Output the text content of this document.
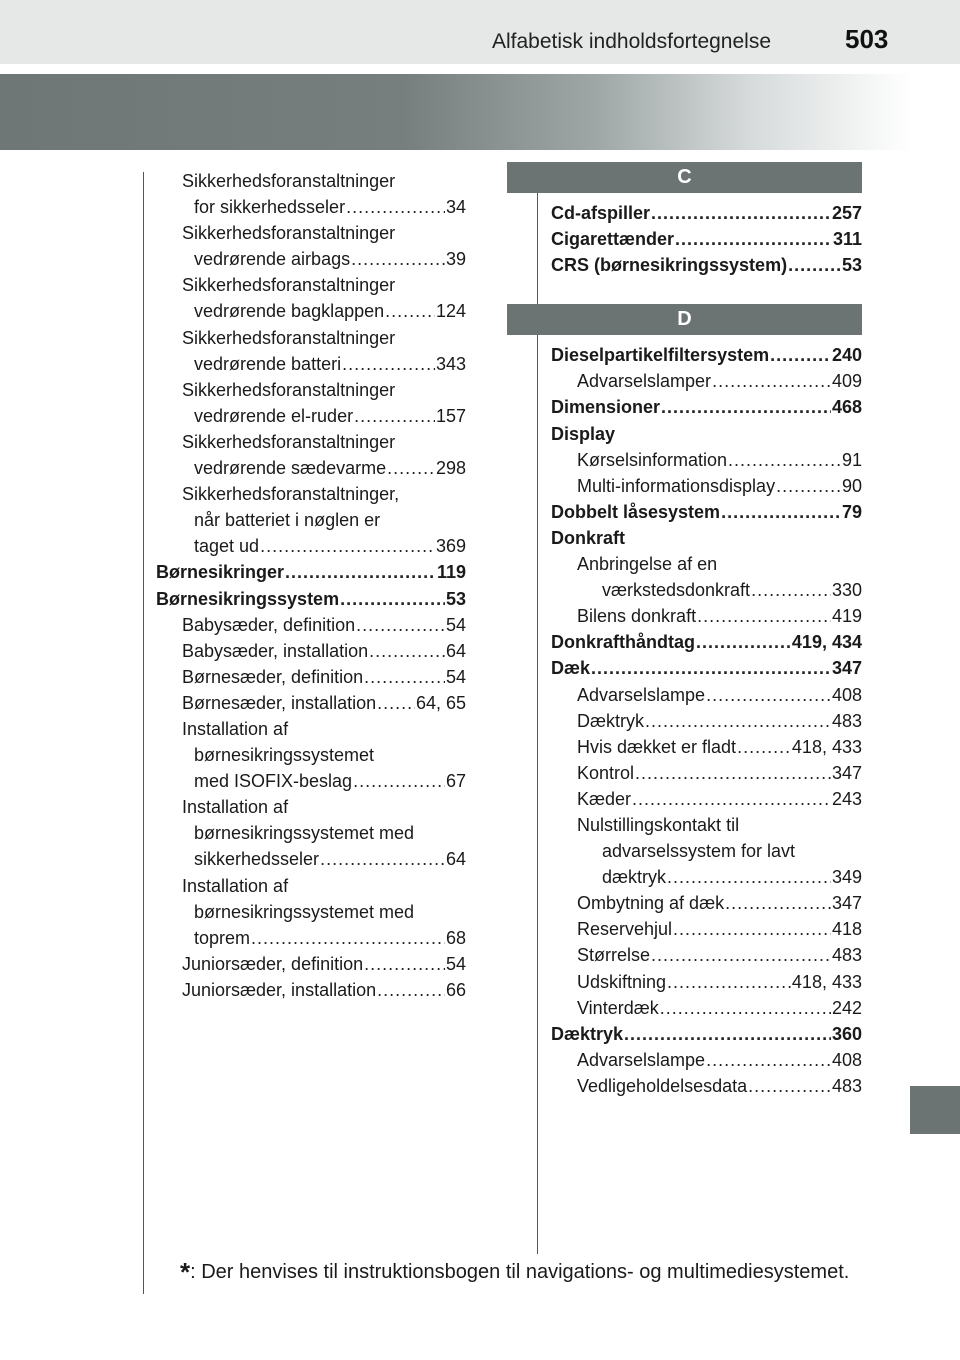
Alfabetisk indholdsfortegnelse	503
Sikkerhedsforanstaltninger
for sikkerhedsseler .....	34
Sikkerhedsforanstaltninger
vedrørende airbags .....	39
Sikkerhedsforanstaltninger
vedrørende bagklappen .....	124
Sikkerhedsforanstaltninger
vedrørende batteri .....	343
Sikkerhedsforanstaltninger
vedrørende el-ruder .....	157
Sikkerhedsforanstaltninger
vedrørende sædevarme .....	298
Sikkerhedsforanstaltninger,
når batteriet i nøglen er
taget ud .....	369
Børnesikringer .....	119
Børnesikringssystem .....	53
Babysæder, definition .....	54
Babysæder, installation .....	64
Børnesæder, definition .....	54
Børnesæder, installation ..... 64, 65
Installation af
børnesikringssystemet
med ISOFIX-beslag .....	67
Installation af
børnesikringssystemet med
sikkerhedsseler .....	64
Installation af
børnesikringssystemet med
toprem .....	68
Juniorsæder, definition .....	54
Juniorsæder, installation .....	66
C
Cd-afspiller .....	257
Cigarettænder .....	311
CRS (børnesikringssystem) .....	53
D
Dieselpartikelfiltersystem .....	240
Advarselslamper .....	409
Dimensioner .....	468
Display
Kørselsinformation .....	91
Multi-informationsdisplay .....	90
Dobbelt låsesystem .....	79
Donkraft
Anbringelse af en
værkstedsdonkraft .....	330
Bilens donkraft .....	419
Donkrafthåndtag .....	419, 434
Dæk .....	347
Advarselslampe .....	408
Dæktryk .....	483
Hvis dækket er fladt .....	418, 433
Kontrol .....	347
Kæder .....	243
Nulstillingskontakt til
advarselssystem for lavt
dæktryk .....	349
Ombytning af dæk .....	347
Reservehjul .....	418
Størrelse .....	483
Udskiftning .....	418, 433
Vinterdæk .....	242
Dæktryk .....	360
Advarselslampe .....	408
Vedligeholdelsesdata .....	483
*: Der henvises til instruktionsbogen til navigations- og multimediesystemet.
